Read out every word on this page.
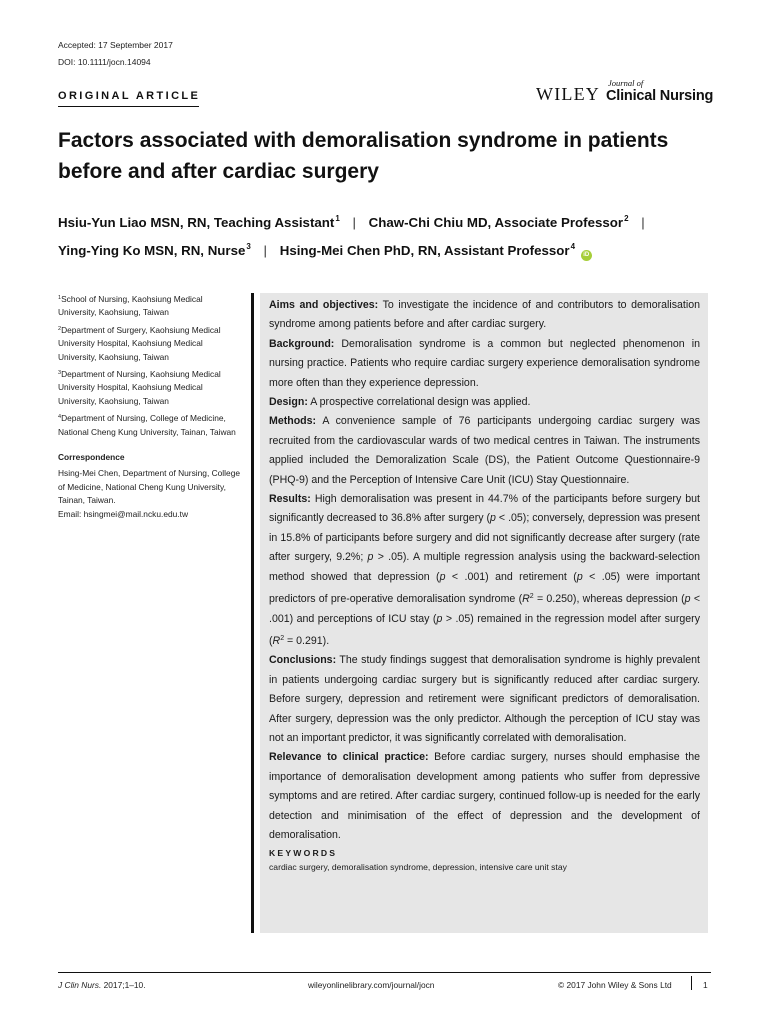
Accepted: 17 September 2017
DOI: 10.1111/jocn.14094
ORIGINAL ARTICLE	WILEY
Journal of
Clinical Nursing
Factors associated with demoralisation syndrome in patients before and after cardiac surgery
Hsiu-Yun Liao MSN, RN, Teaching Assistant$^1$ | Chaw-Chi Chiu MD, Associate Professor$^2$ |
Ying-Ying Ko MSN, RN, Nurse$^3$ | Hsing-Mei Chen PhD, RN, Assistant Professor$^4$ iD

$^1$School of Nursing, Kaohsiung Medical University, Kaohsiung, Taiwan

$^2$Department of Surgery, Kaohsiung Medical University Hospital, Kaohsiung Medical University, Kaohsiung, Taiwan

$^3$Department of Nursing, Kaohsiung Medical University Hospital, Kaohsiung Medical University, Kaohsiung, Taiwan

$^4$Department of Nursing, College of Medicine, National Cheng Kung University, Tainan, Taiwan

Correspondence

Hsing-Mei Chen, Department of Nursing, College of Medicine, National Cheng Kung University, Tainan, Taiwan.

Email: hsingmei@mail.ncku.edu.tw

Aims and objectives: To investigate the incidence of and contributors to demoralisation syndrome among patients before and after cardiac surgery.

Background: Demoralisation syndrome is a common but neglected phenomenon in nursing practice. Patients who require cardiac surgery experience demoralisation syndrome more often than they experience depression.

Design: A prospective correlational design was applied.

Methods: A convenience sample of 76 participants undergoing cardiac surgery was recruited from the cardiovascular wards of two medical centres in Taiwan. The instruments applied included the Demoralization Scale (DS), the Patient Outcome Questionnaire-9 (PHQ-9) and the Perception of Intensive Care Unit (ICU) Stay Questionnaire.

Results: High demoralisation was present in 44.7% of the participants before surgery but significantly decreased to 36.8% after surgery (p < .05); conversely, depression was present in 15.8% of participants before surgery and did not significantly decrease after surgery (rate after surgery, 9.2%; p > .05). A multiple regression analysis using the backward-selection method showed that depression (p < .001) and retirement (p < .05) were important predictors of pre-operative demoralisation syndrome $(R^2 = 0.250)$, whereas depression (p < .001) and perceptions of ICU stay (p > .05) remained in the regression model after surgery $(R^2 = 0.291)$.

Conclusions: The study findings suggest that demoralisation syndrome is highly prevalent in patients undergoing cardiac surgery but is significantly reduced after cardiac surgery. Before surgery, depression and retirement were significant predictors of demoralisation. After surgery, depression was the only predictor. Although the perception of ICU stay was not an important predictor, it was significantly correlated with demoralisation.

Relevance to clinical practice: Before cardiac surgery, nurses should emphasise the importance of demoralisation development among patients who suffer from depressive symptoms and are retired. After cardiac surgery, continued follow-up is needed for the early detection and minimisation of the effect of depression and the development of demoralisation.

KEYWORDS

cardiac surgery, demoralisation syndrome, depression, intensive care unit stay

J Clin Nurs. 2017;1–10.	wileyonlinelibrary.com/journal/jocn	© 2017 John Wiley & Sons Ltd	1
